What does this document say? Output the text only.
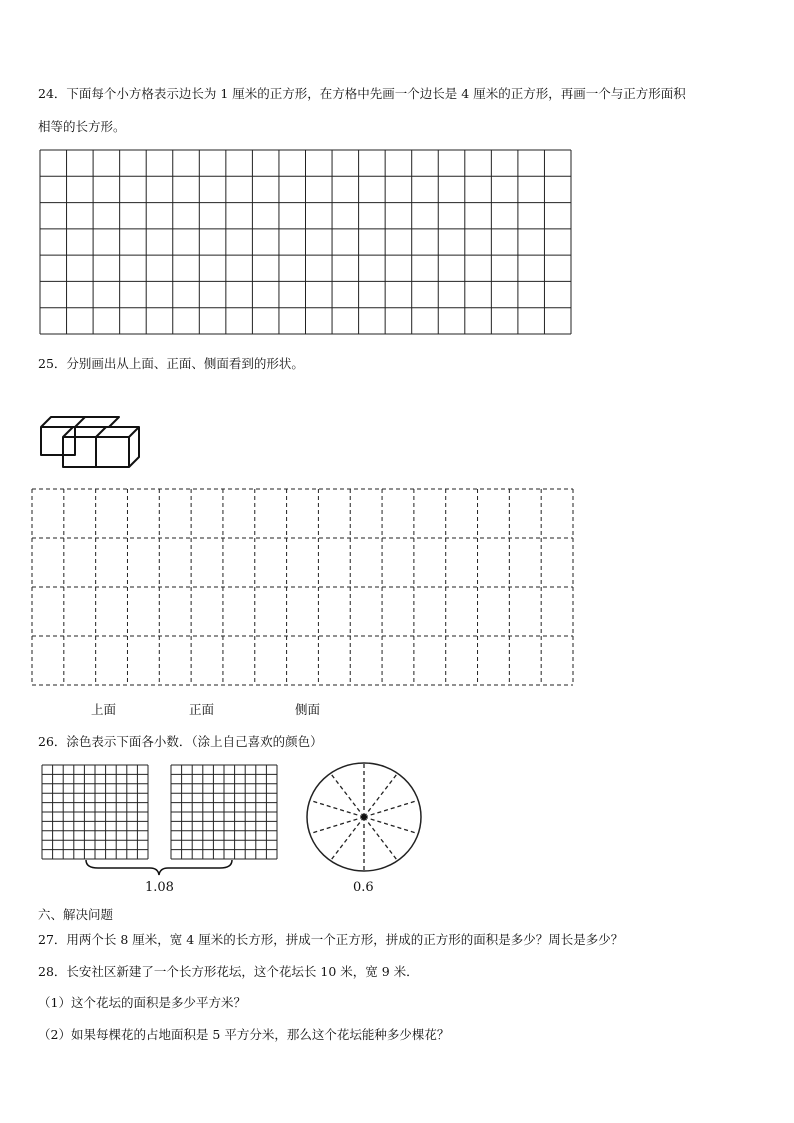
24．下面每个小方格表示边长为 1 厘米的正方形，在方格中先画一个边长是 4 厘米的正方形，再画一个与正方形面积
相等的长方形。
25．分别画出从上面、正面、侧面看到的形状。
上面	正面	侧面
26．涂色表示下面各小数．（涂上自己喜欢的颜色）
1.08	0.6
六、解决问题
27．用两个长 8 厘米，宽 4 厘米的长方形，拼成一个正方形，拼成的正方形的面积是多少？周长是多少？
28．长安社区新建了一个长方形花坛，这个花坛长 10 米，宽 9 米．
（1）这个花坛的面积是多少平方米？
（2）如果每棵花的占地面积是 5 平方分米，那么这个花坛能种多少棵花？
